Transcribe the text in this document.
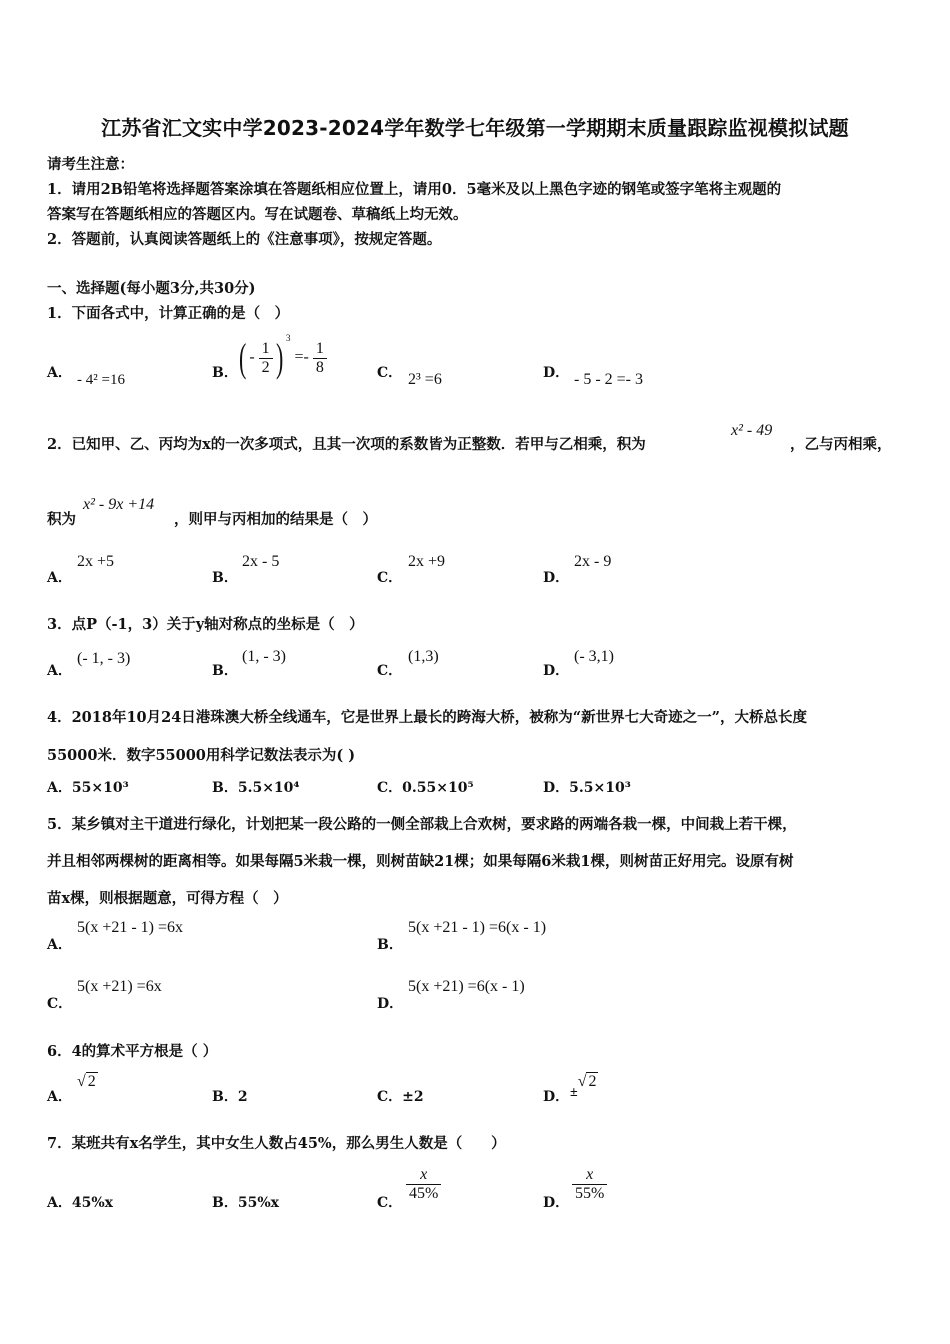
江苏省汇文实中学2023-2024学年数学七年级第一学期期末质量跟踪监视模拟试题
请考生注意：
1．请用2B铅笔将选择题答案涂填在答题纸相应位置上，请用0．5毫米及以上黑色字迹的钢笔或签字笔将主观题的
答案写在答题纸相应的答题区内。写在试题卷、草稿纸上均无效。
2．答题前，认真阅读答题纸上的《注意事项》，按规定答题。
一、选择题(每小题3分,共30分)
1．下面各式中，计算正确的是（　）
A． - 4² =16	B． ( - $\frac{1}{2}$ ) $^3 =- \frac{1}{8}$	C． 2³ =6	D． - 5 - 2 =- 3
2．已知甲、乙、丙均为x的一次多项式，且其一次项的系数皆为正整数．若甲与乙相乘，积为
x² - 49
，乙与丙相乘，
积为
x² - 9x +14
，则甲与丙相加的结果是（　）
A．
2x +5
B．
2x - 5
C．
2x +9
D．
2x - 9
3．点P（-1，3）关于y轴对称点的坐标是（　）
A．
(- 1, - 3)
B．
(1, - 3)
C．
(1,3)
D．
(- 3,1)
4．2018年10月24日港珠澳大桥全线通车，它是世界上最长的跨海大桥，被称为“新世界七大奇迹之一”，大桥总长度
55000米．数字55000用科学记数法表示为( )
A．55×10³	B．5.5×10⁴	C．0.55×10⁵	D．5.5×10³
5．某乡镇对主干道进行绿化，计划把某一段公路的一侧全部栽上合欢树，要求路的两端各栽一棵，中间栽上若干棵，
并且相邻两棵树的距离相等。如果每隔5米栽一棵，则树苗缺21棵；如果每隔6米栽1棵，则树苗正好用完。设原有树
苗x棵，则根据题意，可得方程（　）
A．
5(x +21 - 1) =6x
B．
5(x +21 - 1) =6(x - 1)
C．
5(x +21) =6x
D．
5(x +21) =6(x - 1)
6．4的算术平方根是（ ）
A．
√ 2
B．2	C．±2	D． ±√ 2
7．某班共有x名学生，其中女生人数占45%，那么男生人数是（　　）
A．45%x	B．55%x	C． $\frac{x}{45\%}$	D． $\frac{x}{55\%}$
